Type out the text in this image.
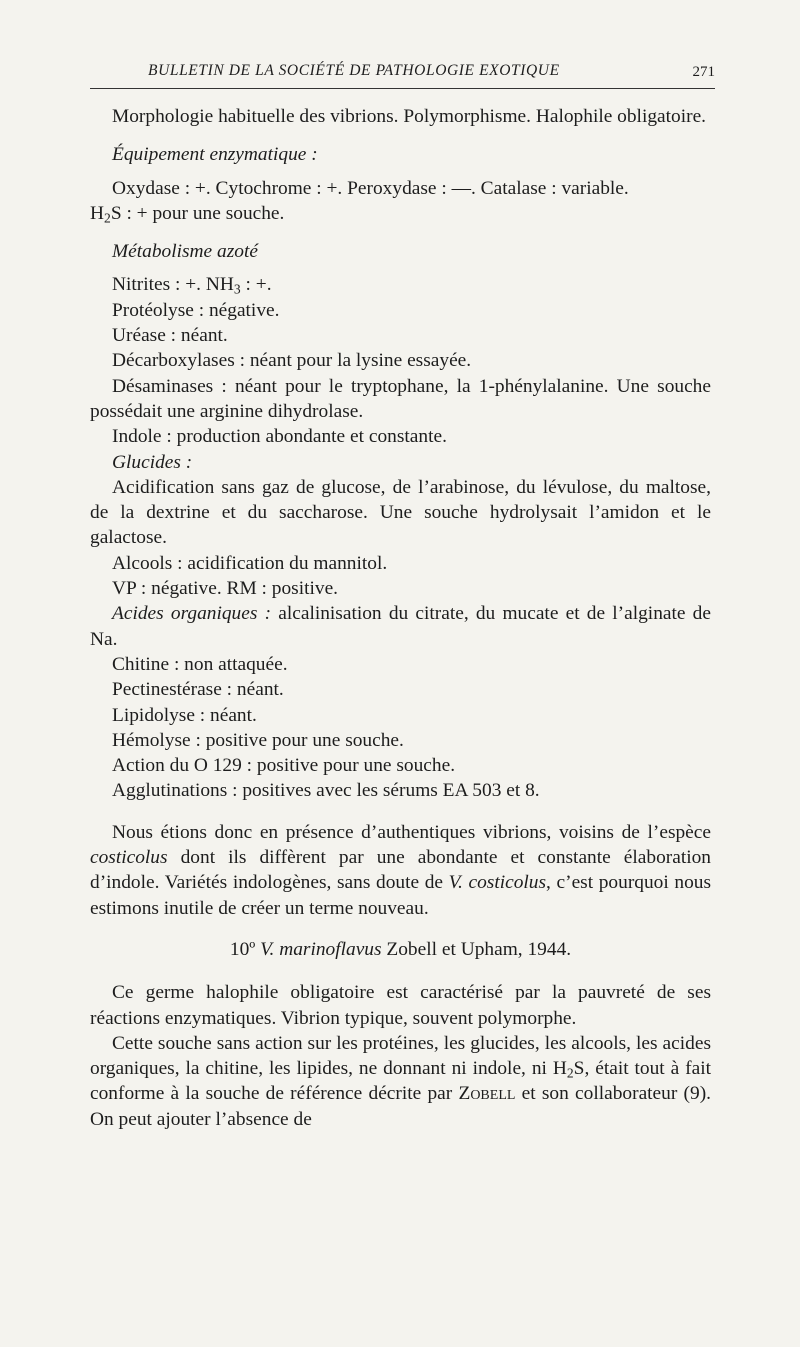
BULLETIN DE LA SOCIÉTÉ DE PATHOLOGIE EXOTIQUE	271

Morphologie habituelle des vibrions. Polymorphisme. Halophile obligatoire.

Équipement enzymatique :

Oxydase : +. Cytochrome : +. Peroxydase : —. Catalase : variable.

$H_2S$ : + pour une souche.

Métabolisme azoté

Nitrites : +. $NH_3$ : +.

Protéolyse : négative.

Uréase : néant.

Décarboxylases : néant pour la lysine essayée.

Désaminases : néant pour le tryptophane, la 1-phénylalanine. Une souche possédait une arginine dihydrolase.

Indole : production abondante et constante.

Glucides :

Acidification sans gaz de glucose, de l’arabinose, du lévulose, du maltose, de la dextrine et du saccharose. Une souche hydrolysait l’amidon et le galactose.

Alcools : acidification du mannitol.

VP : négative. RM : positive.

Acides organiques : alcalinisation du citrate, du mucate et de l’alginate de Na.

Chitine : non attaquée.

Pectinestérase : néant.

Lipidolyse : néant.

Hémolyse : positive pour une souche.

Action du O 129 : positive pour une souche.

Agglutinations : positives avec les sérums EA 503 et 8.

Nous étions donc en présence d’authentiques vibrions, voisins de l’espèce costicolus dont ils diffèrent par une abondante et constante élaboration d’indole. Variétés indologènes, sans doute de V. costicolus, c’est pourquoi nous estimons inutile de créer un terme nouveau.

10º V. marinoflavus Zobell et Upham, 1944.

Ce germe halophile obligatoire est caractérisé par la pauvreté de ses réactions enzymatiques. Vibrion typique, souvent polymorphe.

Cette souche sans action sur les protéines, les glucides, les alcools, les acides organiques, la chitine, les lipides, ne donnant ni indole, ni $H_2S$, était tout à fait conforme à la souche de référence décrite par Zobell et son collaborateur (9). On peut ajouter l’absence de
